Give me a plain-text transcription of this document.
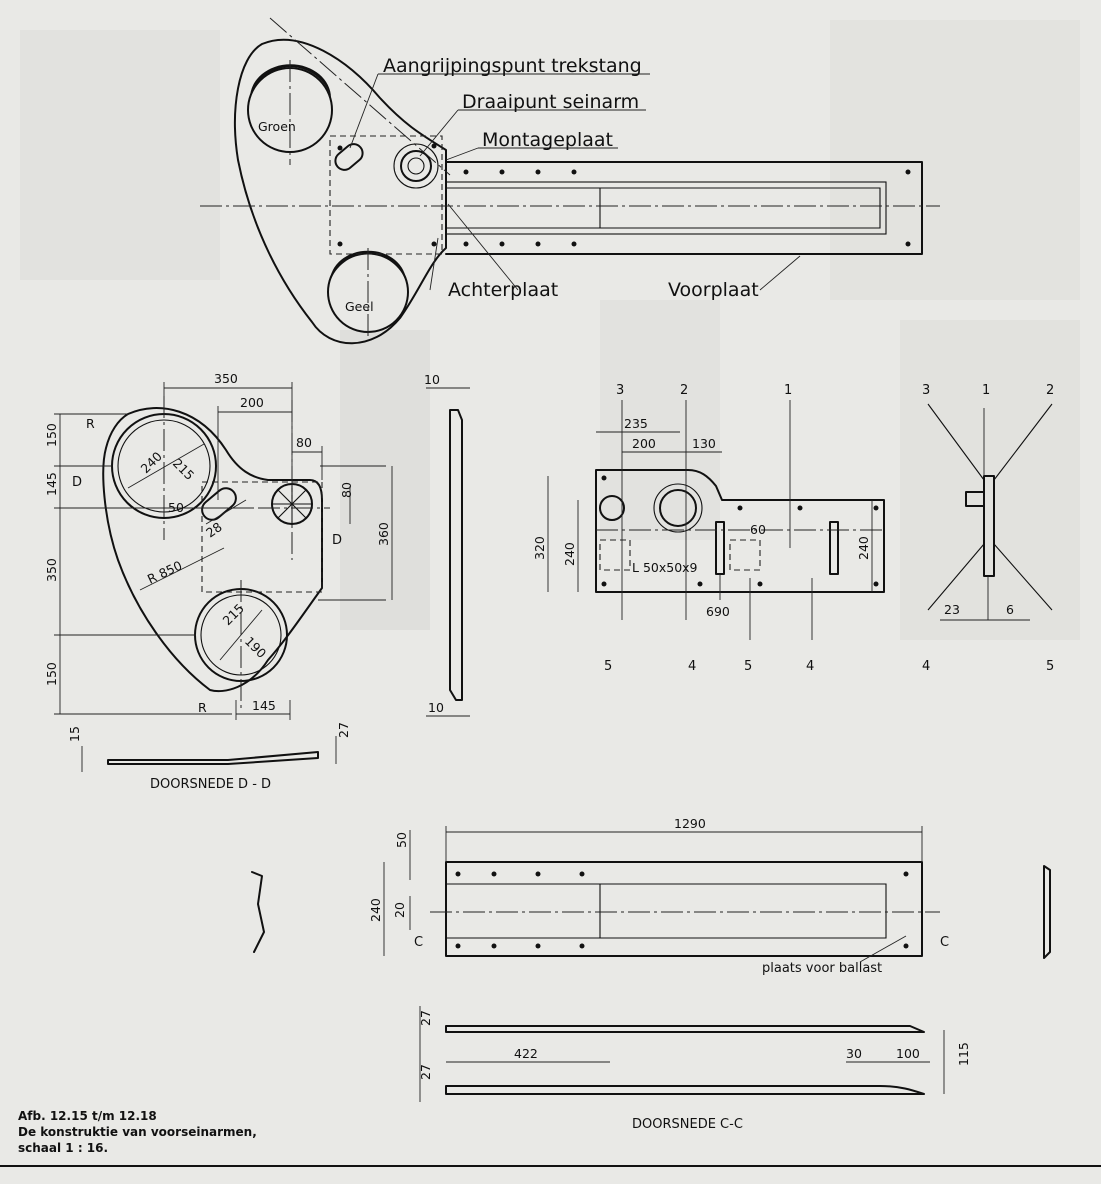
Groen
Geel
Aangrijpingspunt trekstang
Draaipunt seinarm
Montageplaat
Achterplaat	Voorplaat
350
200
80
80
150
145
350
150
360
240 215
50
28
R 850
215
190
R
R	145
D
D
15	27
DOORSNEDE D - D
10
10
3	2	1
235
200	130
320 240
L 50x50x9
60
240
690
5	4	5	4
3	1	2
23	6
4	5
1290
50
240 20
plaats voor ballast
C	C
27
422
27
30	100	115
DOORSNEDE C-C
Afb. 12.15 t/m 12.18
De konstruktie van voorseinarmen,
schaal 1 : 16.
